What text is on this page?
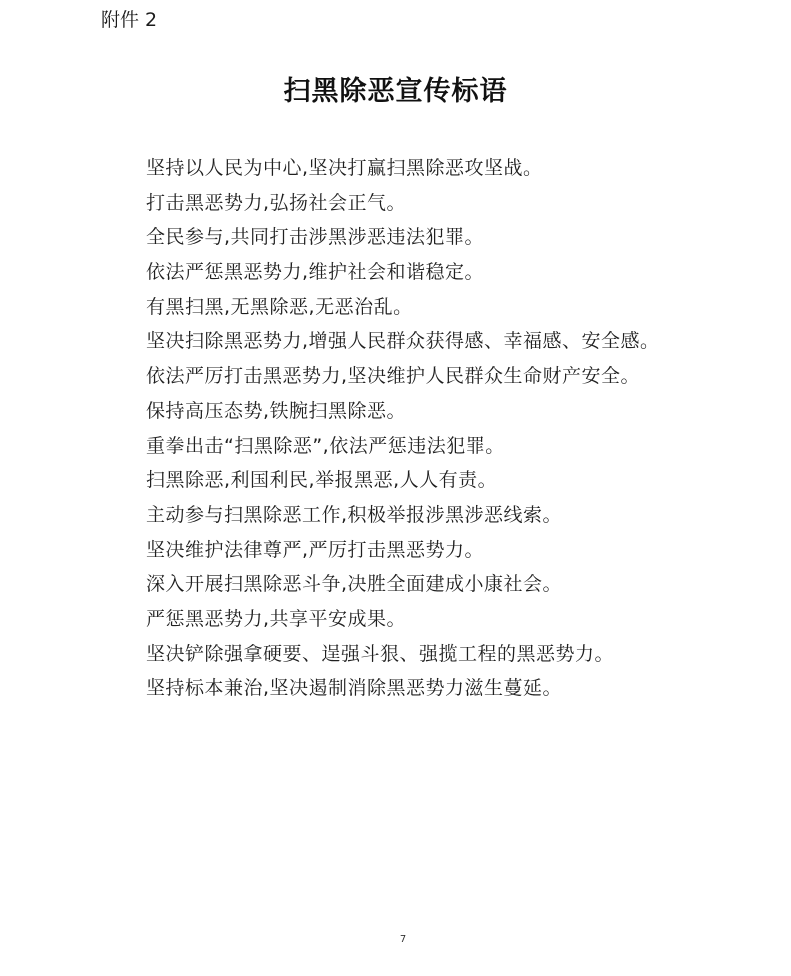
附件 2
扫黑除恶宣传标语
坚持以人民为中心,坚决打赢扫黑除恶攻坚战。
打击黑恶势力,弘扬社会正气。
全民参与,共同打击涉黑涉恶违法犯罪。
依法严惩黑恶势力,维护社会和谐稳定。
有黑扫黑,无黑除恶,无恶治乱。
坚决扫除黑恶势力,增强人民群众获得感、幸福感、安全感。
依法严厉打击黑恶势力,坚决维护人民群众生命财产安全。
保持高压态势,铁腕扫黑除恶。
重拳出击“扫黑除恶”,依法严惩违法犯罪。
扫黑除恶,利国利民,举报黑恶,人人有责。
主动参与扫黑除恶工作,积极举报涉黑涉恶线索。
坚决维护法律尊严,严厉打击黑恶势力。
深入开展扫黑除恶斗争,决胜全面建成小康社会。
严惩黑恶势力,共享平安成果。
坚决铲除强拿硬要、逞强斗狠、强揽工程的黑恶势力。
坚持标本兼治,坚决遏制消除黑恶势力滋生蔓延。
7
